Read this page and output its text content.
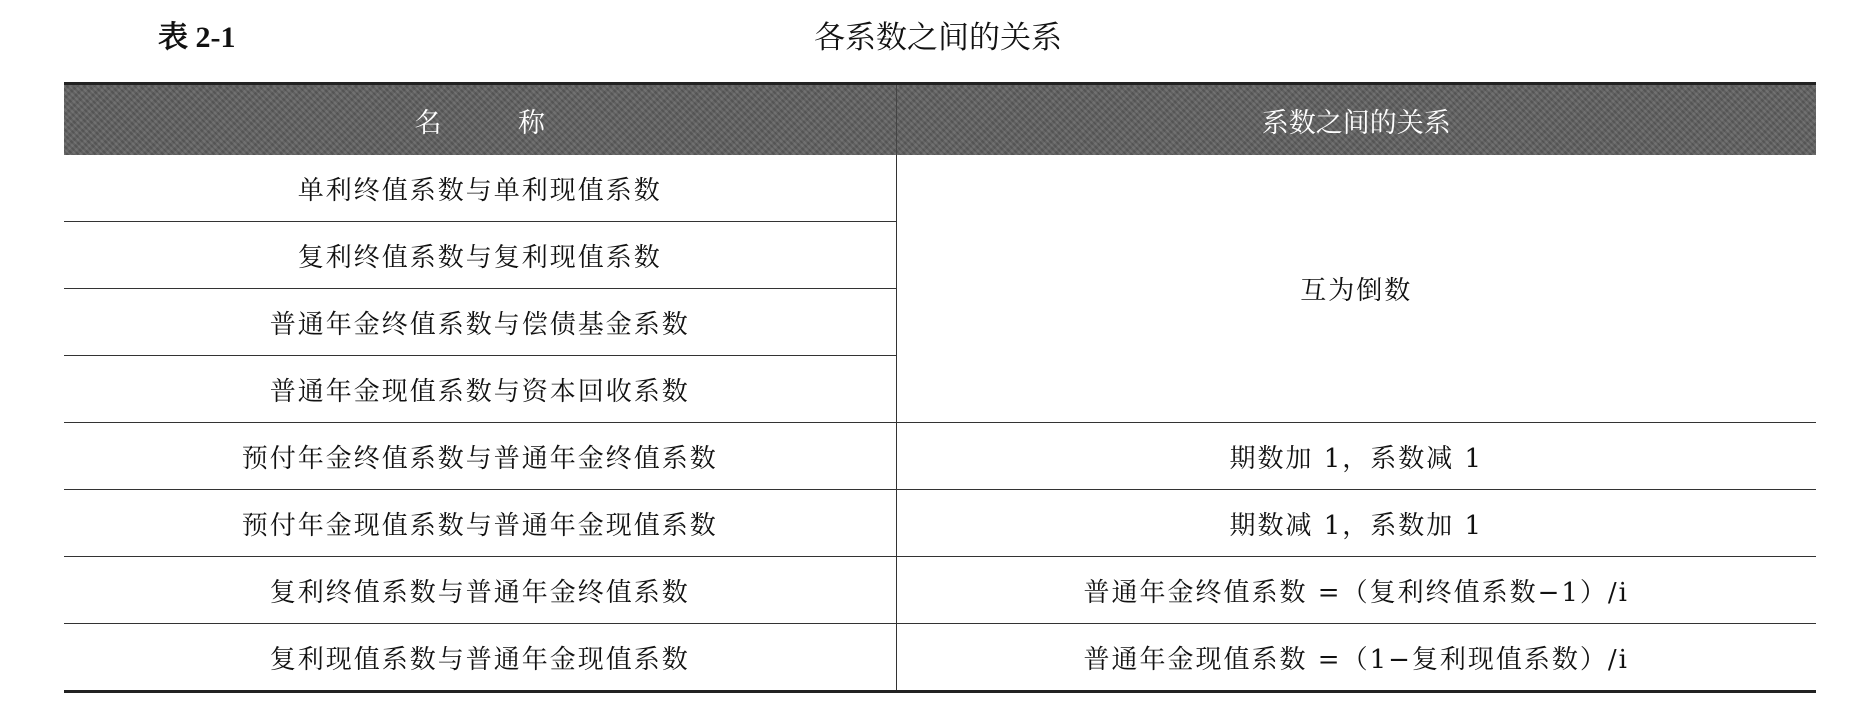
表 2-1	各系数之间的关系
名 称	系数之间的关系
单利终值系数与单利现值系数	互为倒数
复利终值系数与复利现值系数	
普通年金终值系数与偿债基金系数	
普通年金现值系数与资本回收系数	
预付年金终值系数与普通年金终值系数	期数加 1，系数减 1
预付年金现值系数与普通年金现值系数	期数减 1，系数加 1
复利终值系数与普通年金终值系数	普通年金终值系数 =（复利终值系数−1）/i
复利现值系数与普通年金现值系数	普通年金现值系数 =（1−复利现值系数）/i
